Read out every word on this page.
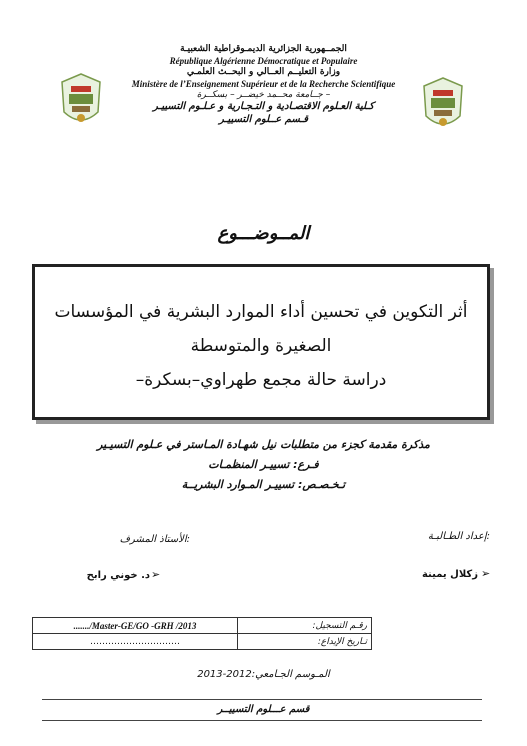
الجمــهورية الجزائرية الديمـوقراطية الشعبيـة
République Algérienne Démocratique et Populaire
وزارة التعليــم العــالي و البحــث العلمـي
Ministère de l’Enseignement Supérieur et de la Recherche Scientifique
جــامعة محــمد خيضــر – بسكــرة –
كـلية العـلوم الاقتصـادية و التـجـارية و عـلـوم التسييـر
قـسم عــلوم التسييـر
المــوضـــوع
أثر التكوين في تحسين أداء الموارد البشرية في المؤسسات
الصغيرة والمتوسطة
دراسة حالة مجمع طهراوي–بسكرة–
مذكرة مقدمة كجزء من متطلبات نيل شهـادة المـاستر في عـلوم التسيـير
فـرع: تسييـر المنظمـات
تـخـصـص: تسييـر المـوارد البشريــة
إعداد الطـالبـة:
الأستاذ المشرف:
زكلال يمينة ➢
د. خوني رابح ➢
......./Master-GE/GO -GRH /2013	رقـم التسجيل:
…………………………	تـاريخ الإيداع:
المـوسم الجـامعي:2012-2013
قسم عـــلوم التسييــر
